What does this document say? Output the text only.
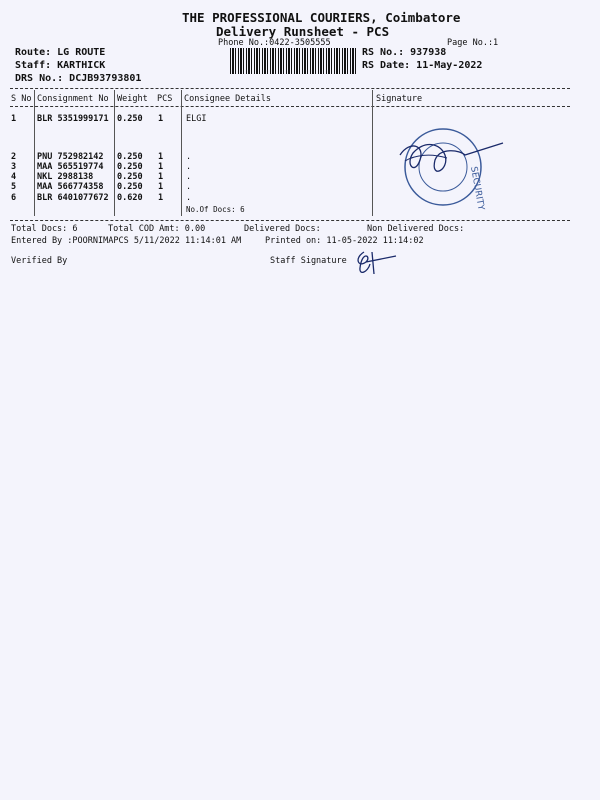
THE PROFESSIONAL COURIERS, Coimbatore
Delivery Runsheet - PCS
Phone No.:0422-3505555	Page No.:1
Route: LG ROUTE
Staff: KARTHICK
DRS No.: DCJB93793801
RS No.: 937938
RS Date: 11-May-2022
S No Consignment No Weight PCS Consignee Details	Signature
1 BLR 5351999171 0.250 1	ELGI
2 PNU 752982142 0.250 1	.
3 MAA 565519774 0.250 1	.
4 NKL 2988138	0.250 1	.
5 MAA 566774358 0.250 1	.
6 BLR 6401077672 0.620 1	.
No.Of Docs: 6	SECURITY
Total Docs: 6	Total COD Amt: 0.00	Delivered Docs:	Non Delivered Docs:
Entered By :POORNIMAPCS 5/11/2022 11:14:01 AM	Printed on: 11-05-2022 11:14:02
Verified By	Staff Signature
